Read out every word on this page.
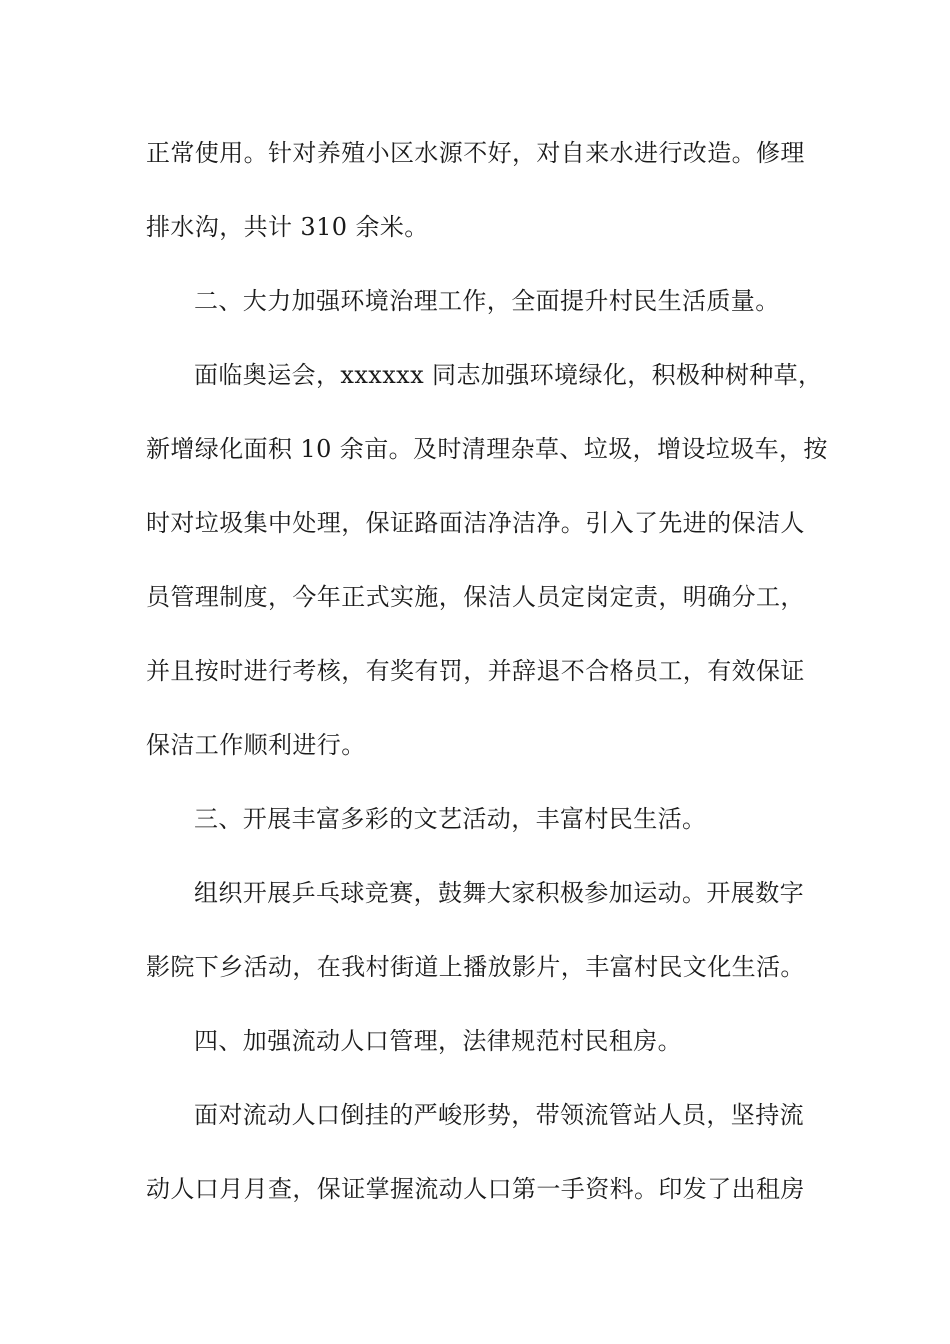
正常使用。针对养殖小区水源不好，对自来水进行改造。修理
排水沟，共计 310 余米。
二、大力加强环境治理工作，全面提升村民生活质量。
面临奥运会，xxxxxx 同志加强环境绿化，积极种树种草，
新增绿化面积 10 余亩。及时清理杂草、垃圾，增设垃圾车，按
时对垃圾集中处理，保证路面洁净洁净。引入了先进的保洁人
员管理制度，今年正式实施，保洁人员定岗定责，明确分工，
并且按时进行考核，有奖有罚，并辞退不合格员工，有效保证
保洁工作顺利进行。
三、开展丰富多彩的文艺活动，丰富村民生活。
组织开展乒乓球竞赛，鼓舞大家积极参加运动。开展数字
影院下乡活动，在我村街道上播放影片，丰富村民文化生活。
四、加强流动人口管理，法律规范村民租房。
面对流动人口倒挂的严峻形势，带领流管站人员，坚持流
动人口月月查，保证掌握流动人口第一手资料。印发了出租房
